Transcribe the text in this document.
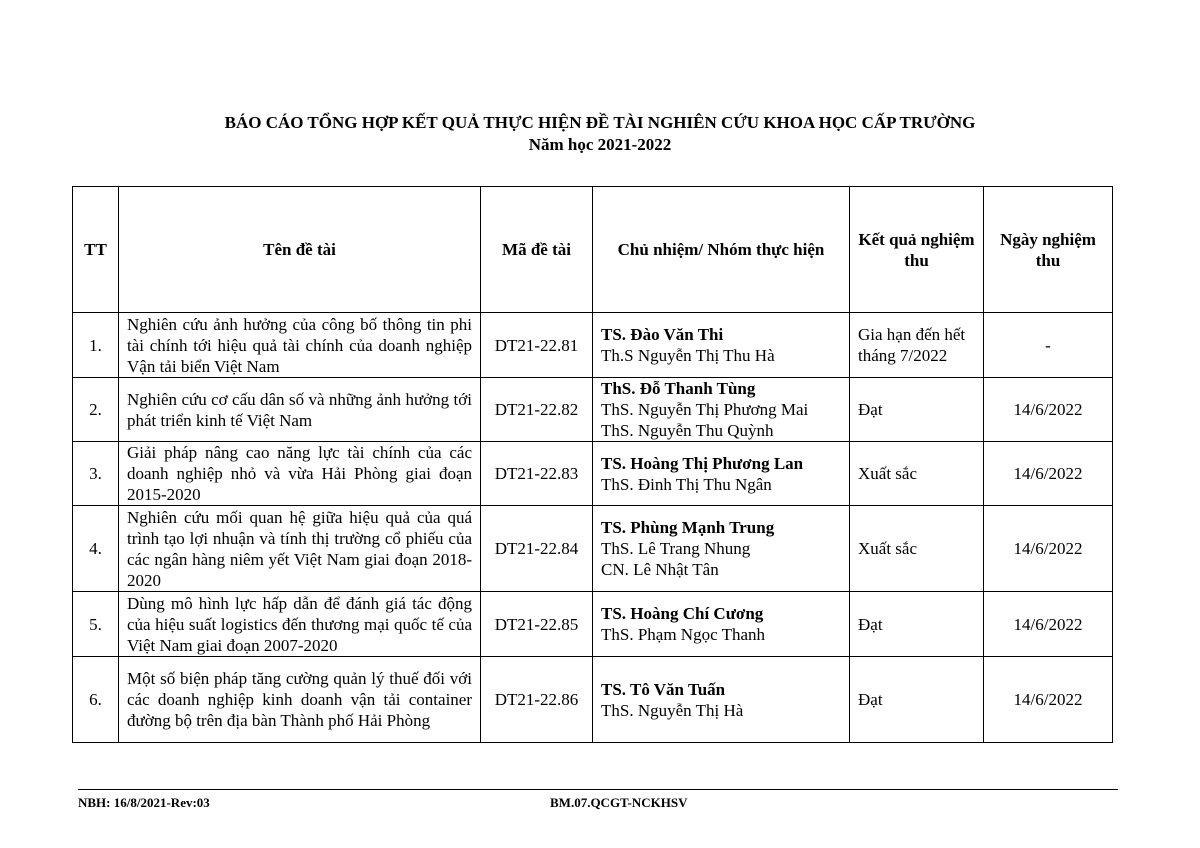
BÁO CÁO TỔNG HỢP KẾT QUẢ THỰC HIỆN ĐỀ TÀI NGHIÊN CỨU KHOA HỌC CẤP TRƯỜNG
Năm học 2021-2022
TT	Tên đề tài	Mã đề tài	Chủ nhiệm/ Nhóm thực hiện	Kết quả nghiệm thu	Ngày nghiệm thu
1.	Nghiên cứu ảnh hưởng của công bố thông tin phi tài chính tới hiệu quả tài chính của doanh nghiệp Vận tải biển Việt Nam	DT21-22.81	TS. Đào Văn Thi
Th.S Nguyễn Thị Thu Hà	Gia hạn đến hết tháng 7/2022	-
2.	Nghiên cứu cơ cấu dân số và những ảnh hưởng tới phát triển kinh tế Việt Nam	DT21-22.82	ThS. Đỗ Thanh Tùng
ThS. Nguyễn Thị Phương Mai
ThS. Nguyễn Thu Quỳnh	Đạt	14/6/2022
3.	Giải pháp nâng cao năng lực tài chính của các doanh nghiệp nhỏ và vừa Hải Phòng giai đoạn 2015-2020	DT21-22.83	TS. Hoàng Thị Phương Lan
ThS. Đinh Thị Thu Ngân	Xuất sắc	14/6/2022
4.	Nghiên cứu mối quan hệ giữa hiệu quả của quá trình tạo lợi nhuận và tính thị trường cổ phiếu của các ngân hàng niêm yết Việt Nam giai đoạn 2018-2020	DT21-22.84	TS. Phùng Mạnh Trung
ThS. Lê Trang Nhung
CN. Lê Nhật Tân	Xuất sắc	14/6/2022
5.	Dùng mô hình lực hấp dẫn để đánh giá tác động của hiệu suất logistics đến thương mại quốc tế của Việt Nam giai đoạn 2007-2020	DT21-22.85	TS. Hoàng Chí Cương
ThS. Phạm Ngọc Thanh	Đạt	14/6/2022
6.	Một số biện pháp tăng cường quản lý thuế đối với các doanh nghiệp kinh doanh vận tải container đường bộ trên địa bàn Thành phố Hải Phòng	DT21-22.86	TS. Tô Văn Tuấn
ThS. Nguyễn Thị Hà	Đạt	14/6/2022
NBH: 16/8/2021-Rev:03	BM.07.QCGT-NCKHSV
